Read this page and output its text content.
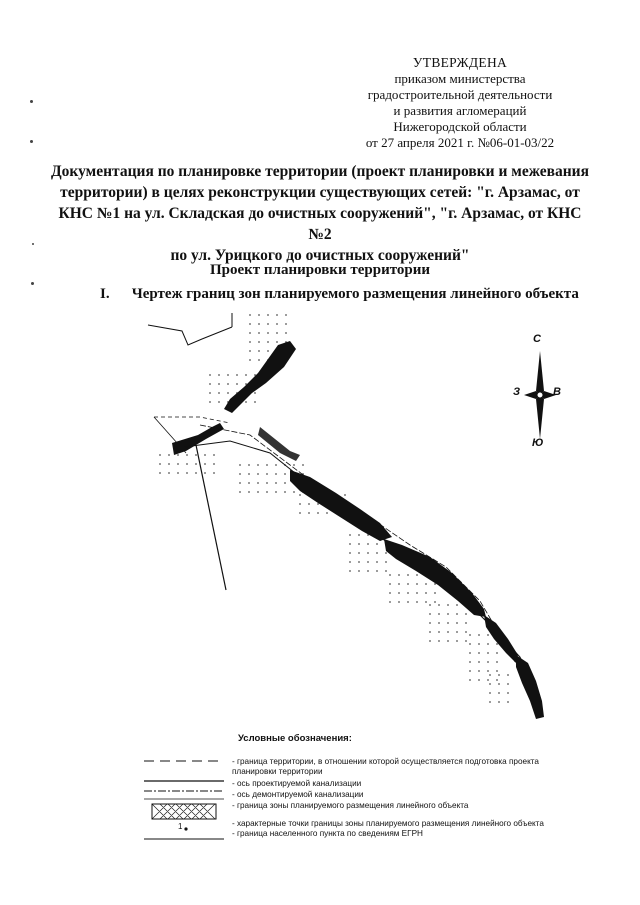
УТВЕРЖДЕНА
приказом министерства
градостроительной деятельности
и развития агломераций
Нижегородской области
от 27 апреля 2021 г. №06-01-03/22
Документация по планировке территории (проект планировки и межевания
территории) в целях реконструкции существующих сетей: "г. Арзамас, от
КНС №1 на ул. Складская до очистных сооружений", "г. Арзамас, от КНС №2
по ул. Урицкого до очистных сооружений"
Проект планировки территории
I. Чертеж границ зон планируемого размещения линейного объекта
С
Ю
З	В
Условные обозначения:
1
- граница территории, в отношении которой осуществляется подготовка проекта
планировки территории
- ось проектируемой канализации
- ось демонтируемой канализации
- граница зоны планируемого размещения линейного объекта
- характерные точки границы зоны планируемого размещения линейного объекта
- граница населенного пункта по сведениям ЕГРН
